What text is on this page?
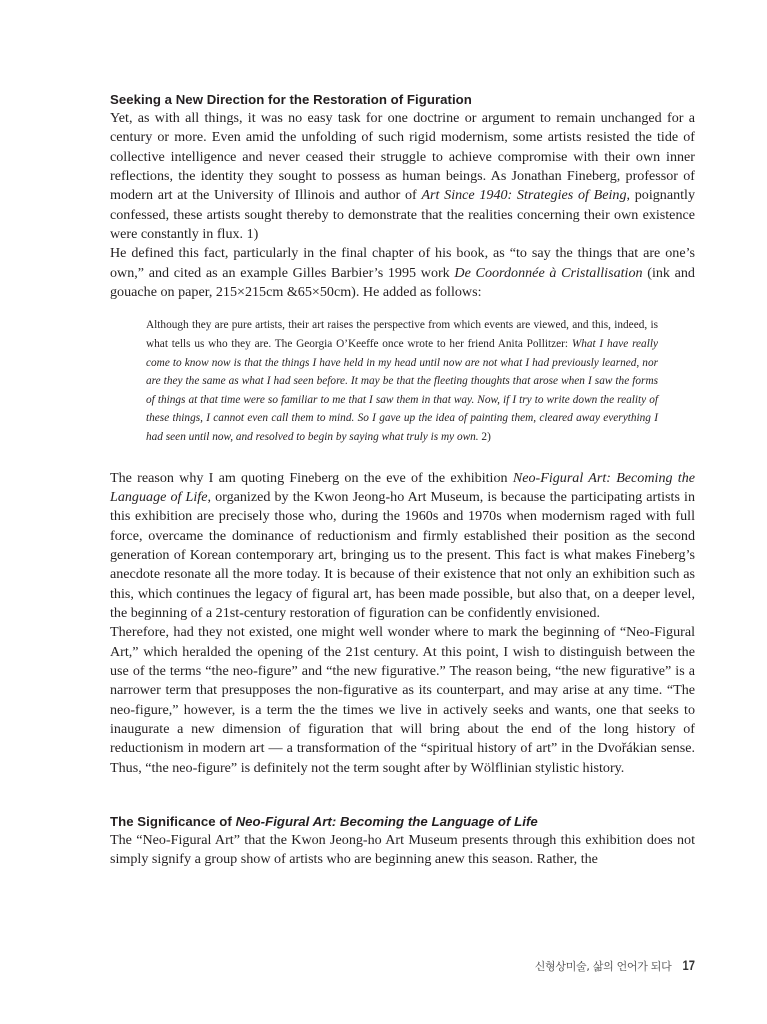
Seeking a New Direction for the Restoration of Figuration

Yet, as with all things, it was no easy task for one doctrine or argument to remain unchanged for a century or more. Even amid the unfolding of such rigid modernism, some artists resisted the tide of collective intelligence and never ceased their struggle to achieve compromise with their own inner reflections, the identity they sought to possess as human beings. As Jonathan Fineberg, professor of modern art at the University of Illinois and author of Art Since 1940: Strategies of Being, poignantly confessed, these artists sought thereby to demonstrate that the realities concerning their own existence were constantly in flux. 1)

He defined this fact, particularly in the final chapter of his book, as “to say the things that are one’s own,” and cited as an example Gilles Barbier’s 1995 work De Coordonnée à Cristallisation (ink and gouache on paper, 215×215cm &65×50cm). He added as follows:

Although they are pure artists, their art raises the perspective from which events are viewed, and this, indeed, is what tells us who they are. The Georgia O’Keeffe once wrote to her friend Anita Pollitzer: What I have really come to know now is that the things I have held in my head until now are not what I had previously learned, nor are they the same as what I had seen before. It may be that the fleeting thoughts that arose when I saw the forms of things at that time were so familiar to me that I saw them in that way. Now, if I try to write down the reality of these things, I cannot even call them to mind. So I gave up the idea of painting them, cleared away everything I had seen until now, and resolved to begin by saying what truly is my own. 2)

The reason why I am quoting Fineberg on the eve of the exhibition Neo-Figural Art: Becoming the Language of Life, organized by the Kwon Jeong-ho Art Museum, is because the participating artists in this exhibition are precisely those who, during the 1960s and 1970s when modernism raged with full force, overcame the dominance of reductionism and firmly established their position as the second generation of Korean contemporary art, bringing us to the present. This fact is what makes Fineberg’s anecdote resonate all the more today. It is because of their existence that not only an exhibition such as this, which continues the legacy of figural art, has been made possible, but also that, on a deeper level, the beginning of a 21st-century restoration of figuration can be confidently envisioned.

Therefore, had they not existed, one might well wonder where to mark the beginning of “Neo-Figural Art,” which heralded the opening of the 21st century. At this point, I wish to distinguish between the use of the terms “the neo-figure” and “the new figurative.” The reason being, “the new figurative” is a narrower term that presupposes the non-figurative as its counterpart, and may arise at any time. “The neo-figure,” however, is a term the the times we live in actively seeks and wants, one that seeks to inaugurate a new dimension of figuration that will bring about the end of the long history of reductionism in modern art — a transformation of the “spiritual history of art” in the Dvořákian sense. Thus, “the neo-figure” is definitely not the term sought after by Wölflinian stylistic history.

The Significance of Neo-Figural Art: Becoming the Language of Life

The “Neo-Figural Art” that the Kwon Jeong-ho Art Museum presents through this exhibition does not simply signify a group show of artists who are beginning anew this season. Rather, the

신형상미술, 삶의 언어가 되다 17
